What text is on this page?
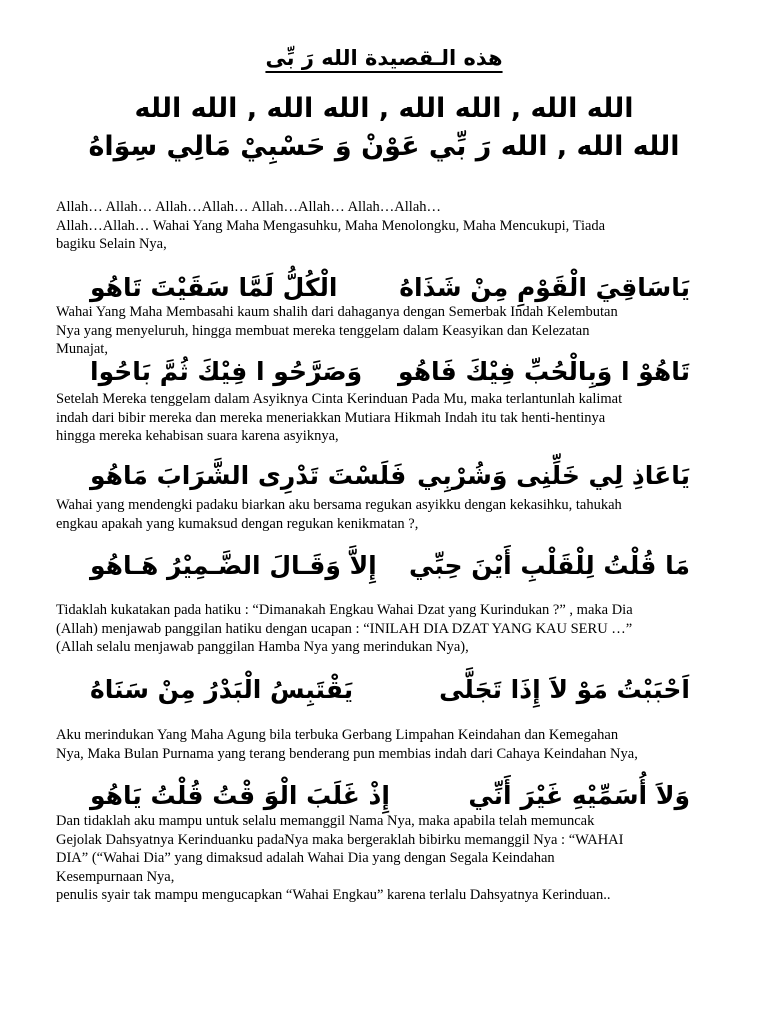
هذه الـقصيدة الله رَ بِّى
الله الله , الله الله , الله الله , الله الله
الله الله , الله رَ بِّي عَوْنْ وَ حَسْبِيْ مَالِي سِوَاهُ

Allah… Allah… Allah…Allah… Allah…Allah… Allah…Allah…
Allah…Allah… Wahai Yang Maha Mengasuhku, Maha Menolongku, Maha Mencukupi, Tiada
bagiku Selain Nya,

يَاسَاقِيَ الْقَوْمِ مِنْ شَذَاهُ
الْكُلُّ لَمَّا سَقَيْتَ تَاهُو

Wahai Yang Maha Membasahi kaum shalih dari dahaganya dengan Semerbak Indah Kelembutan
Nya yang menyeluruh, hingga membuat mereka tenggelam dalam Keasyikan dan Kelezatan
Munajat,

تَاهُوْ ا وَبِالْحُبِّ فِيْكَ فَاهُو
وَصَرَّحُو ا فِيْكَ ثُمَّ بَاحُوا

Setelah Mereka tenggelam dalam Asyiknya Cinta Kerinduan Pada Mu, maka terlantunlah kalimat
indah dari bibir mereka dan mereka meneriakkan Mutiara Hikmah Indah itu tak henti-hentinya
hingga mereka kehabisan suara karena asyiknya,

يَاعَاذِ لِي خَلِّنِى وَشُرْبِي
فَلَسْتَ تَدْرِى الشَّرَابَ مَاهُو

Wahai yang mendengki padaku biarkan aku bersama regukan asyikku dengan kekasihku, tahukah
engkau apakah yang kumaksud dengan regukan kenikmatan ?,

مَا قُلْتُ لِلْقَلْبِ أَيْنَ حِبِّي
إِلاَّ وَقَـالَ الضَّـمِيْرُ هَـاهُو

Tidaklah kukatakan pada hatiku : “Dimanakah Engkau Wahai Dzat yang Kurindukan ?” , maka Dia
(Allah) menjawab panggilan hatiku dengan ucapan : “INILAH DIA DZAT YANG KAU SERU …”
(Allah selalu menjawab panggilan Hamba Nya yang merindukan Nya),

اَحْبَبْتُ مَوْ لاَ إِذَا تَجَلَّى
يَقْتَبِسُ الْبَدْرُ مِنْ سَنَاهُ

Aku merindukan Yang Maha Agung bila terbuka Gerbang Limpahan Keindahan dan Kemegahan
Nya, Maka Bulan Purnama yang terang benderang pun membias indah dari Cahaya Keindahan Nya,

وَلاَ أُسَمِّيْهِ غَيْرَ أَنِّي
إِذْ غَلَبَ الْوَ قْتُ قُلْتُ يَاهُو

Dan tidaklah aku mampu untuk selalu memanggil Nama Nya, maka apabila telah memuncak
Gejolak Dahsyatnya Kerinduanku padaNya maka bergeraklah bibirku memanggil Nya : “WAHAI
DIA” (“Wahai Dia” yang dimaksud adalah Wahai Dia yang dengan Segala Keindahan
Kesempurnaan Nya,
penulis syair tak mampu mengucapkan “Wahai Engkau” karena terlalu Dahsyatnya Kerinduan..
